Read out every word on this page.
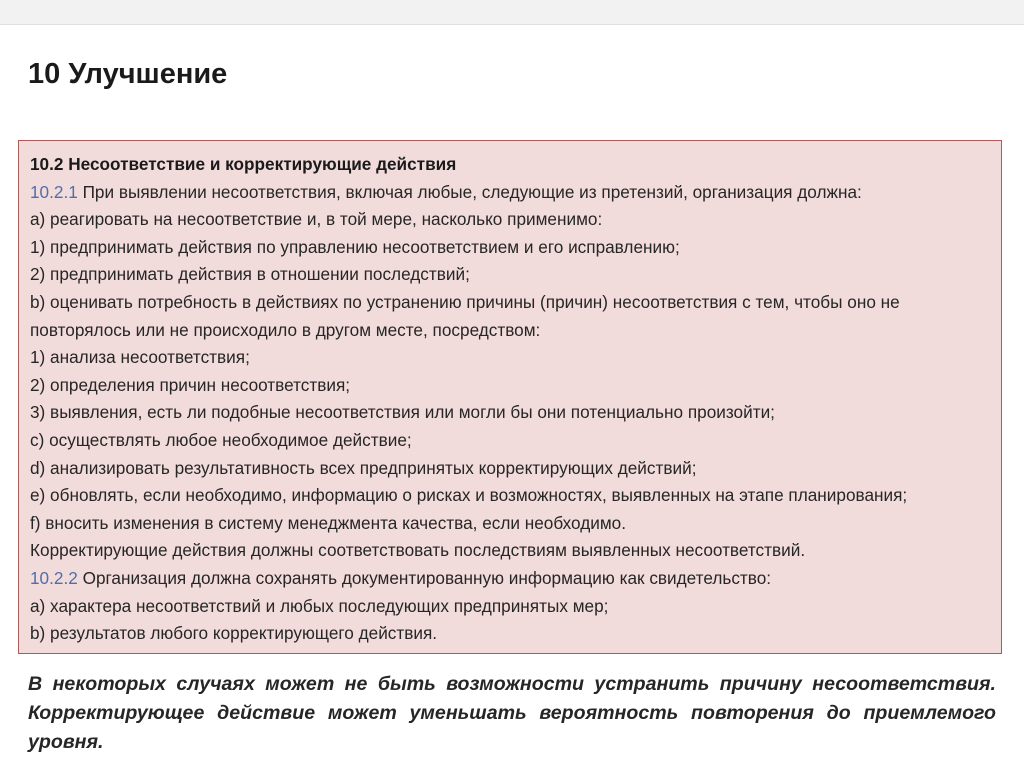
10 Улучшение
10.2 Несоответствие и корректирующие действия
10.2.1 При выявлении несоответствия, включая любые, следующие из претензий, организация должна:
а) реагировать на несоответствие и, в той мере, насколько применимо:
1) предпринимать действия по управлению несоответствием и его исправлению;
2) предпринимать действия в отношении последствий;
b) оценивать потребность в действиях по устранению причины (причин) несоответствия с тем, чтобы оно не
повторялось или не происходило в другом месте, посредством:
1) анализа несоответствия;
2) определения причин несоответствия;
3) выявления, есть ли подобные несоответствия или могли бы они потенциально произойти;
c) осуществлять любое необходимое действие;
d) анализировать результативность всех предпринятых корректирующих действий;
e) обновлять, если необходимо, информацию о рисках и возможностях, выявленных на этапе планирования;
f) вносить изменения в систему менеджмента качества, если необходимо.
Корректирующие действия должны соответствовать последствиям выявленных несоответствий.
10.2.2 Организация должна сохранять документированную информацию как свидетельство:
a) характера несоответствий и любых последующих предпринятых мер;
b) результатов любого корректирующего действия.
В некоторых случаях может не быть возможности устранить причину несоответствия. Корректирующее действие может уменьшать вероятность повторения до приемлемого уровня.
